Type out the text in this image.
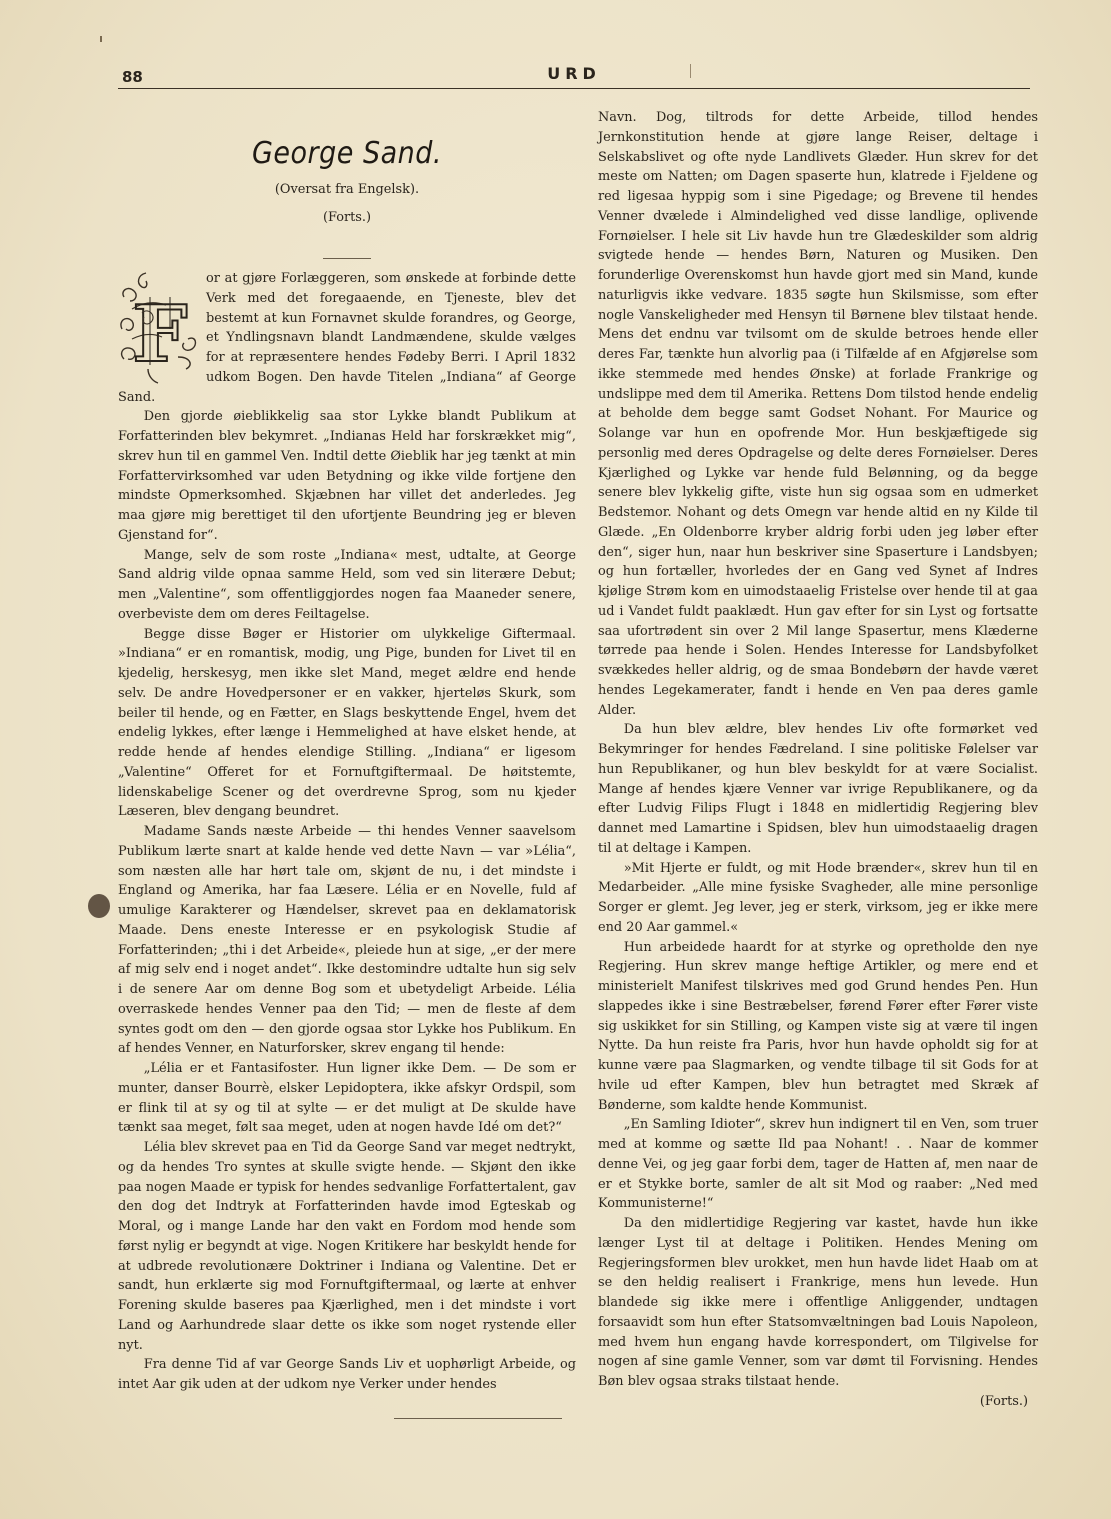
88	URD
George Sand.
(Oversat fra Engelsk).
(Forts.)
F

or at gjøre Forlæggeren, som ønskede at forbinde dette Verk med det foregaaende, en Tjeneste, blev det bestemt at kun Fornavnet skulde forandres, og George, et Yndlingsnavn blandt Landmændene, skulde vælges for at repræsentere hendes Fødeby Berri. I April 1832 udkom Bogen. Den havde Titelen „Indiana“ af George Sand.

Den gjorde øieblikkelig saa stor Lykke blandt Publikum at Forfatterinden blev bekymret. „Indianas Held har forskrækket mig“, skrev hun til en gammel Ven. Indtil dette Øieblik har jeg tænkt at min Forfattervirksomhed var uden Betydning og ikke vilde fortjene den mindste Opmerksomhed. Skjæbnen har villet det anderledes. Jeg maa gjøre mig berettiget til den ufortjente Beundring jeg er bleven Gjenstand for“.

Mange, selv de som roste „Indiana« mest, udtalte, at George Sand aldrig vilde opnaa samme Held, som ved sin literære Debut; men „Valentine“, som offentliggjordes nogen faa Maaneder senere, overbeviste dem om deres Feiltagelse.

Begge disse Bøger er Historier om ulykkelige Giftermaal. »Indiana“ er en romantisk, modig, ung Pige, bunden for Livet til en kjedelig, herskesyg, men ikke slet Mand, meget ældre end hende selv. De andre Hovedpersoner er en vakker, hjerteløs Skurk, som beiler til hende, og en Fætter, en Slags beskyttende Engel, hvem det endelig lykkes, efter længe i Hemmelighed at have elsket hende, at redde hende af hendes elendige Stilling. „Indiana“ er ligesom „Valentine“ Offeret for et Fornuftgiftermaal. De høitstemte, lidenskabelige Scener og det overdrevne Sprog, som nu kjeder Læseren, blev dengang beundret.

Madame Sands næste Arbeide — thi hendes Venner saavelsom Publikum lærte snart at kalde hende ved dette Navn — var »Lélia“, som næsten alle har hørt tale om, skjønt de nu, i det mindste i England og Amerika, har faa Læsere. Lélia er en Novelle, fuld af umulige Karakterer og Hændelser, skrevet paa en deklamatorisk Maade. Dens eneste Interesse er en psykologisk Studie af Forfatterinden; „thi i det Arbeide«, pleiede hun at sige, „er der mere af mig selv end i noget andet“. Ikke destomindre udtalte hun sig selv i de senere Aar om denne Bog som et ubetydeligt Arbeide. Lélia overraskede hendes Venner paa den Tid; — men de fleste af dem syntes godt om den — den gjorde ogsaa stor Lykke hos Publikum. En af hendes Venner, en Naturforsker, skrev engang til hende:

„Lélia er et Fantasifoster. Hun ligner ikke Dem. — De som er munter, danser Bourrè, elsker Lepidoptera, ikke afskyr Ordspil, som er flink til at sy og til at sylte — er det muligt at De skulde have tænkt saa meget, følt saa meget, uden at nogen havde Idé om det?“

Lélia blev skrevet paa en Tid da George Sand var meget nedtrykt, og da hendes Tro syntes at skulle svigte hende. — Skjønt den ikke paa nogen Maade er typisk for hendes sedvanlige Forfattertalent, gav den dog det Indtryk at Forfatterinden havde imod Egteskab og Moral, og i mange Lande har den vakt en Fordom mod hende som først nylig er begyndt at vige. Nogen Kritikere har beskyldt hende for at udbrede revolutionære Doktriner i Indiana og Valentine. Det er sandt, hun erklærte sig mod Fornuftgiftermaal, og lærte at enhver Forening skulde baseres paa Kjærlighed, men i det mindste i vort Land og Aarhundrede slaar dette os ikke som noget rystende eller nyt.

Fra denne Tid af var George Sands Liv et uophørligt Arbeide, og intet Aar gik uden at der udkom nye Verker under hendes

Navn. Dog, tiltrods for dette Arbeide, tillod hendes Jernkonstitution hende at gjøre lange Reiser, deltage i Selskabslivet og ofte nyde Landlivets Glæder. Hun skrev for det meste om Natten; om Dagen spaserte hun, klatrede i Fjeldene og red ligesaa hyppig som i sine Pigedage; og Brevene til hendes Venner dvælede i Almindelighed ved disse landlige, oplivende Fornøielser. I hele sit Liv havde hun tre Glædeskilder som aldrig svigtede hende — hendes Børn, Naturen og Musiken. Den forunderlige Overenskomst hun havde gjort med sin Mand, kunde naturligvis ikke vedvare. 1835 søgte hun Skilsmisse, som efter nogle Vanskeligheder med Hensyn til Børnene blev tilstaat hende. Mens det endnu var tvilsomt om de skulde betroes hende eller deres Far, tænkte hun alvorlig paa (i Tilfælde af en Afgjørelse som ikke stemmede med hendes Ønske) at forlade Frankrige og undslippe med dem til Amerika. Rettens Dom tilstod hende endelig at beholde dem begge samt Godset Nohant. For Maurice og Solange var hun en opofrende Mor. Hun beskjæftigede sig personlig med deres Opdragelse og delte deres Fornøielser. Deres Kjærlighed og Lykke var hende fuld Belønning, og da begge senere blev lykkelig gifte, viste hun sig ogsaa som en udmerket Bedstemor. Nohant og dets Omegn var hende altid en ny Kilde til Glæde. „En Oldenborre kryber aldrig forbi uden jeg løber efter den“, siger hun, naar hun beskriver sine Spaserture i Landsbyen; og hun fortæller, hvorledes der en Gang ved Synet af Indres kjølige Strøm kom en uimodstaaelig Fristelse over hende til at gaa ud i Vandet fuldt paaklædt. Hun gav efter for sin Lyst og fortsatte saa ufortrødent sin over 2 Mil lange Spasertur, mens Klæderne tørrede paa hende i Solen. Hendes Interesse for Landsbyfolket svækkedes heller aldrig, og de smaa Bondebørn der havde været hendes Legekamerater, fandt i hende en Ven paa deres gamle Alder.

Da hun blev ældre, blev hendes Liv ofte formørket ved Bekymringer for hendes Fædreland. I sine politiske Følelser var hun Republikaner, og hun blev beskyldt for at være Socialist. Mange af hendes kjære Venner var ivrige Republikanere, og da efter Ludvig Filips Flugt i 1848 en midlertidig Regjering blev dannet med Lamartine i Spidsen, blev hun uimodstaaelig dragen til at deltage i Kampen.

»Mit Hjerte er fuldt, og mit Hode brænder«, skrev hun til en Medarbeider. „Alle mine fysiske Svagheder, alle mine personlige Sorger er glemt. Jeg lever, jeg er sterk, virksom, jeg er ikke mere end 20 Aar gammel.«

Hun arbeidede haardt for at styrke og opretholde den nye Regjering. Hun skrev mange heftige Artikler, og mere end et ministerielt Manifest tilskrives med god Grund hendes Pen. Hun slappedes ikke i sine Bestræbelser, førend Fører efter Fører viste sig uskikket for sin Stilling, og Kampen viste sig at være til ingen Nytte. Da hun reiste fra Paris, hvor hun havde opholdt sig for at kunne være paa Slagmarken, og vendte tilbage til sit Gods for at hvile ud efter Kampen, blev hun betragtet med Skræk af Bønderne, som kaldte hende Kommunist.

„En Samling Idioter“, skrev hun indignert til en Ven, som truer med at komme og sætte Ild paa Nohant! . . Naar de kommer denne Vei, og jeg gaar forbi dem, tager de Hatten af, men naar de er et Stykke borte, samler de alt sit Mod og raaber: „Ned med Kommunisterne!“

Da den midlertidige Regjering var kastet, havde hun ikke længer Lyst til at deltage i Politiken. Hendes Mening om Regjeringsformen blev urokket, men hun havde lidet Haab om at se den heldig realisert i Frankrige, mens hun levede. Hun blandede sig ikke mere i offentlige Anliggender, undtagen forsaavidt som hun efter Statsomvæltningen bad Louis Napoleon, med hvem hun engang havde korrespondert, om Tilgivelse for nogen af sine gamle Venner, som var dømt til Forvisning. Hendes Bøn blev ogsaa straks tilstaat hende.

(Forts.)
